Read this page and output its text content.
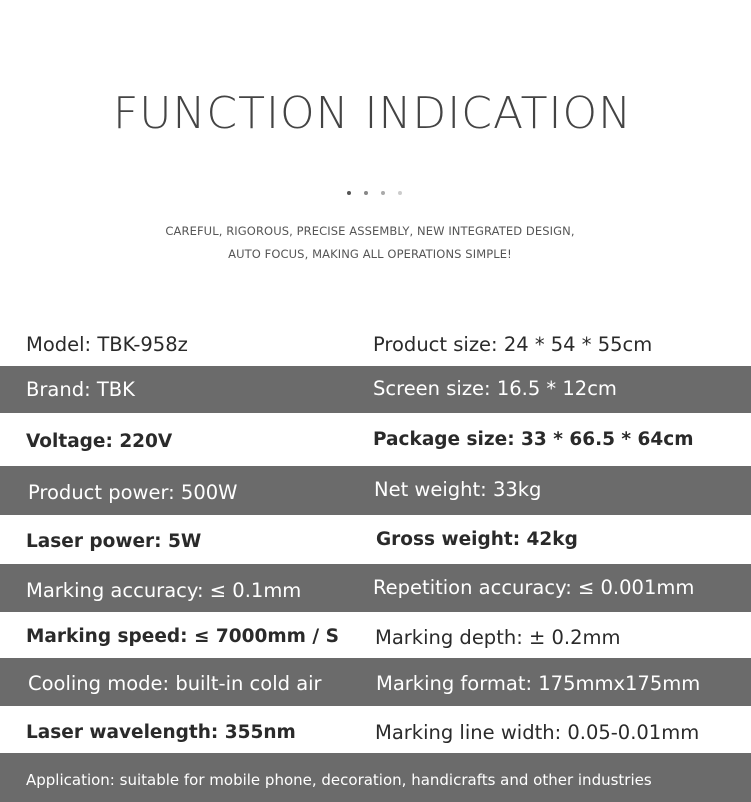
FUNCTION INDICATION
CAREFUL, RIGOROUS, PRECISE ASSEMBLY, NEW INTEGRATED DESIGN,
AUTO FOCUS, MAKING ALL OPERATIONS SIMPLE!
Model: TBK-958z	Product size: 24 * 54 * 55cm
Brand: TBK	Screen size: 16.5 * 12cm
Voltage: 220V	Package size: 33 * 66.5 * 64cm
Product power: 500W	Net weight: 33kg
Laser power: 5W	Gross weight: 42kg
Marking accuracy: ≤ 0.1mm	Repetition accuracy: ≤ 0.001mm
Marking speed: ≤ 7000mm / S Marking depth: ± 0.2mm
Cooling mode: built-in cold air	Marking format: 175mmx175mm
Laser wavelength: 355nm	Marking line width: 0.05-0.01mm
Application: suitable for mobile phone, decoration, handicrafts and other industries
